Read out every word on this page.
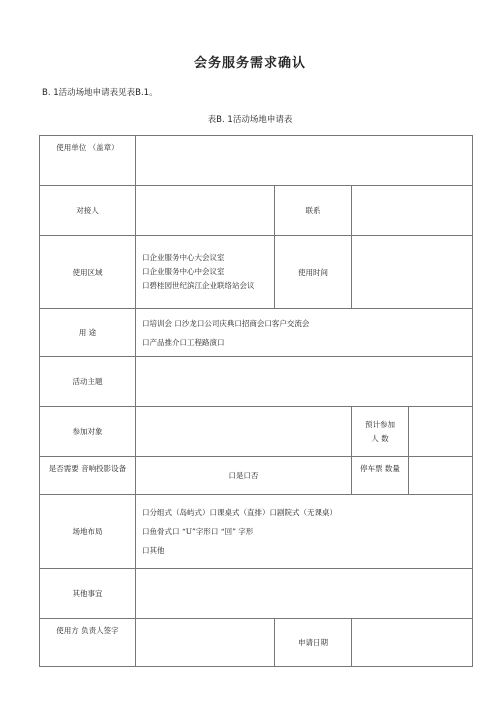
会务服务需求确认
B. 1活动场地申请表见表B.1。
表B. 1活动场地申请表
使用单位 （盖章）				
对接人		联系		
使用区域	口企业服务中心大会议室
口企业服务中心中会议室
口碧桂园世纪滨江企业联络站会议	使用时间		
用 途	口培训会 口沙龙口公司庆典口招商会口客户交流会
口产品推介口工程路演口			

活动主题				
参加对象			预计参加
人 数	

是否需要 音响投影设备	口是口否		停车票 数量	
场地布局	口分组式（岛屿式）口课桌式（直排）口剧院式（无课桌）
口鱼骨式口 “U”字形口 “回” 字形
口其他			

其他事宜				
使用方 负责人签字		申请日期		
